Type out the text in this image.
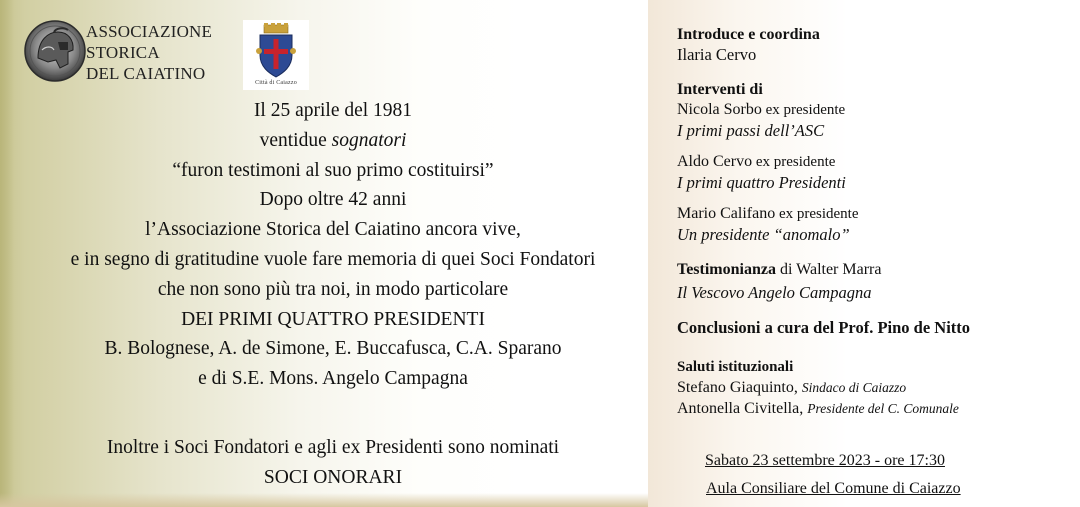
ASSOCIAZIONE
STORICA
DEL CAIATINO	Città di Caiazzo
Il 25 aprile del 1981
ventidue sognatori
“furon testimoni al suo primo costituirsi”
Dopo oltre 42 anni
l’Associazione Storica del Caiatino ancora vive,
e in segno di gratitudine vuole fare memoria di quei Soci Fondatori
che non sono più tra noi, in modo particolare
DEI PRIMI QUATTRO PRESIDENTI
B. Bolognese, A. de Simone, E. Buccafusca, C.A. Sparano
e di S.E. Mons. Angelo Campagna
Inoltre i Soci Fondatori e agli ex Presidenti sono nominati
SOCI ONORARI
Introduce e coordina
Ilaria Cervo
Interventi di
Nicola Sorbo ex presidente
I primi passi dell’ASC
Aldo Cervo ex presidente
I primi quattro Presidenti
Mario Califano ex presidente
Un presidente “anomalo”
Testimonianza di Walter Marra
Il Vescovo Angelo Campagna
Conclusioni a cura del Prof. Pino de Nitto
Saluti istituzionali
Stefano Giaquinto, Sindaco di Caiazzo
Antonella Civitella, Presidente del C. Comunale
Sabato 23 settembre 2023 - ore 17:30
Aula Consiliare del Comune di Caiazzo
